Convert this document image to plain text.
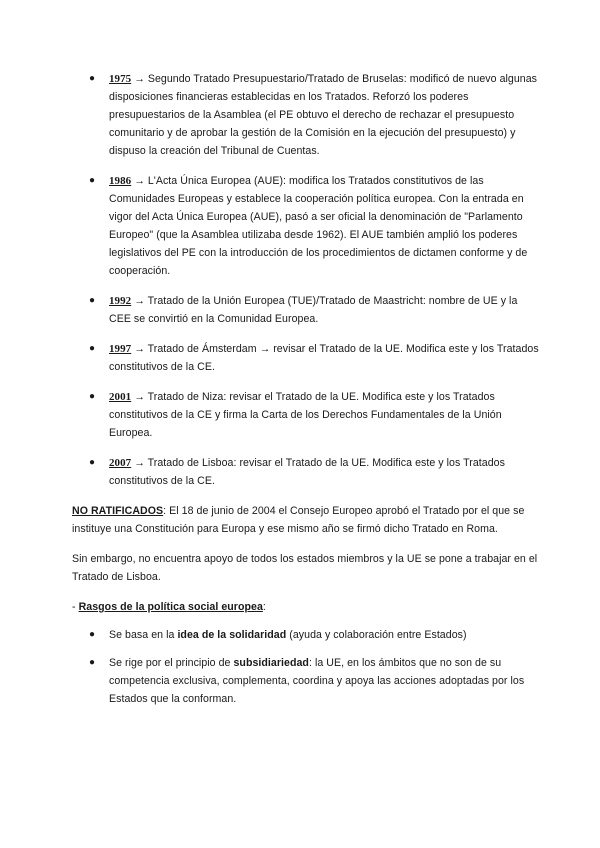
● 1975 → Segundo Tratado Presupuestario/Tratado de Bruselas: modificó de nuevo algunas disposiciones financieras establecidas en los Tratados. Reforzó los poderes presupuestarios de la Asamblea (el PE obtuvo el derecho de rechazar el presupuesto comunitario y de aprobar la gestión de la Comisión en la ejecución del presupuesto) y dispuso la creación del Tribunal de Cuentas.
● 1986 → L'Acta Única Europea (AUE): modifica los Tratados constitutivos de las Comunidades Europeas y establece la cooperación política europea. Con la entrada en vigor del Acta Única Europea (AUE), pasó a ser oficial la denominación de "Parlamento Europeo" (que la Asamblea utilizaba desde 1962). El AUE también amplió los poderes legislativos del PE con la introducción de los procedimientos de dictamen conforme y de cooperación.
● 1992 → Tratado de la Unión Europea (TUE)/Tratado de Maastricht: nombre de UE y la CEE se convirtió en la Comunidad Europea.
● 1997 → Tratado de Ámsterdam → revisar el Tratado de la UE. Modifica este y los Tratados constitutivos de la CE.
● 2001 → Tratado de Niza: revisar el Tratado de la UE. Modifica este y los Tratados constitutivos de la CE y firma la Carta de los Derechos Fundamentales de la Unión Europea.
● 2007 → Tratado de Lisboa: revisar el Tratado de la UE. Modifica este y los Tratados constitutivos de la CE.

NO RATIFICADOS: El 18 de junio de 2004 el Consejo Europeo aprobó el Tratado por el que se instituye una Constitución para Europa y ese mismo año se firmó dicho Tratado en Roma.

Sin embargo, no encuentra apoyo de todos los estados miembros y la UE se pone a trabajar en el Tratado de Lisboa.

- Rasgos de la política social europea:

● Se basa en la idea de la solidaridad (ayuda y colaboración entre Estados)
● Se rige por el principio de subsidiariedad: la UE, en los ámbitos que no son de su competencia exclusiva, complementa, coordina y apoya las acciones adoptadas por los Estados que la conforman.
